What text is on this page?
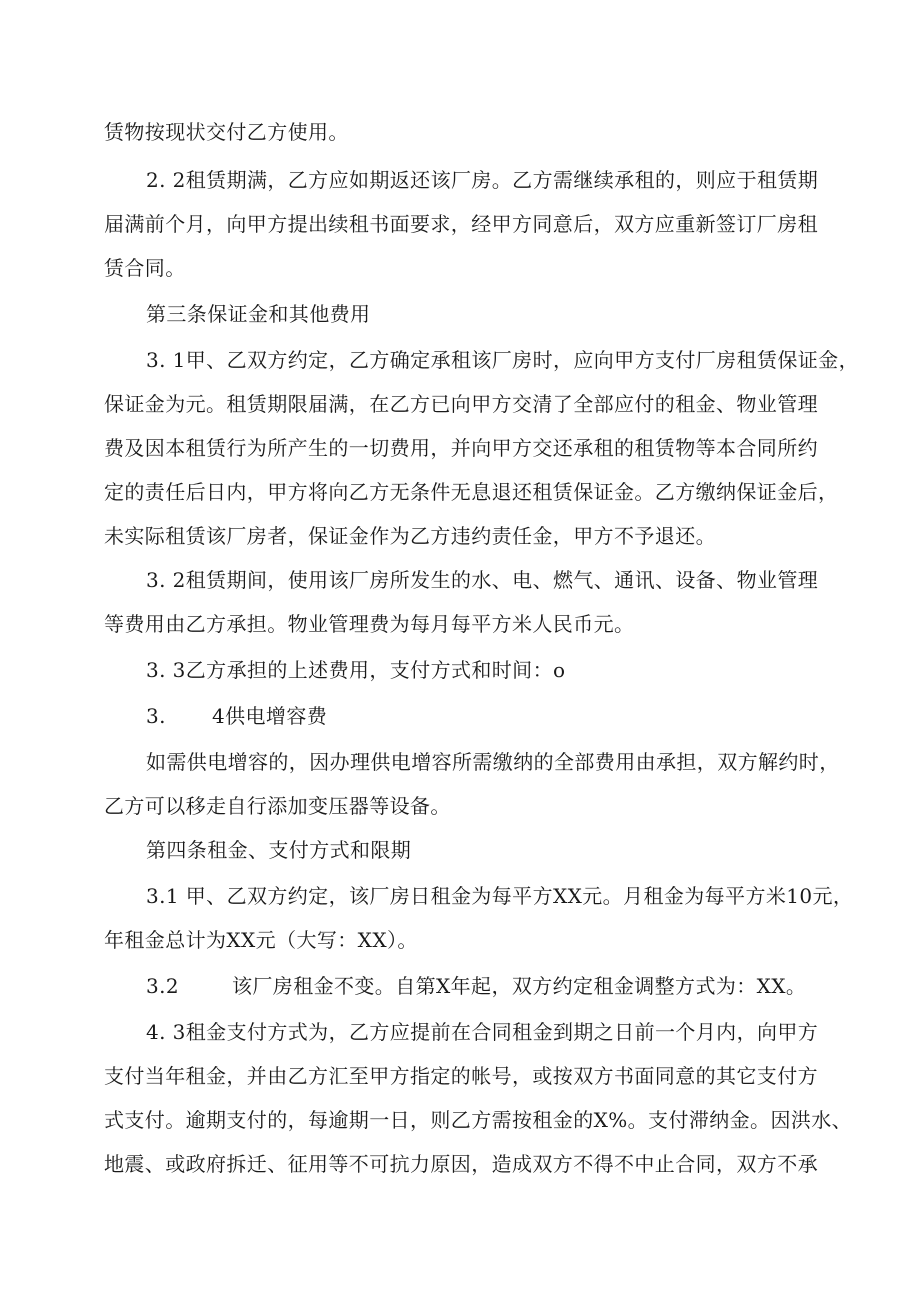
赁物按现状交付乙方使用。
2. 2租赁期满，乙方应如期返还该厂房。乙方需继续承租的，则应于租赁期
届满前个月，向甲方提出续租书面要求，经甲方同意后，双方应重新签订厂房租
赁合同。
第三条保证金和其他费用
3. 1甲、乙双方约定，乙方确定承租该厂房时，应向甲方支付厂房租赁保证金，
保证金为元。租赁期限届满，在乙方已向甲方交清了全部应付的租金、物业管理
费及因本租赁行为所产生的一切费用，并向甲方交还承租的租赁物等本合同所约
定的责任后日内，甲方将向乙方无条件无息退还租赁保证金。乙方缴纳保证金后，
未实际租赁该厂房者，保证金作为乙方违约责任金，甲方不予退还。
3. 2租赁期间，使用该厂房所发生的水、电、燃气、通讯、设备、物业管理
等费用由乙方承担。物业管理费为每月每平方米人民币元。
3. 3乙方承担的上述费用，支付方式和时间：o
3.	4供电增容费
如需供电增容的，因办理供电增容所需缴纳的全部费用由承担，双方解约时，
乙方可以移走自行添加变压器等设备。
第四条租金、支付方式和限期
3.1 甲、乙双方约定，该厂房日租金为每平方XX元。月租金为每平方米10元，
年租金总计为XX元（大写：XX）。
3.2	该厂房租金不变。自第X年起，双方约定租金调整方式为：XX。
4. 3租金支付方式为，乙方应提前在合同租金到期之日前一个月内，向甲方
支付当年租金，并由乙方汇至甲方指定的帐号，或按双方书面同意的其它支付方
式支付。逾期支付的，每逾期一日，则乙方需按租金的X%。支付滞纳金。因洪水、
地震、或政府拆迁、征用等不可抗力原因，造成双方不得不中止合同，双方不承
